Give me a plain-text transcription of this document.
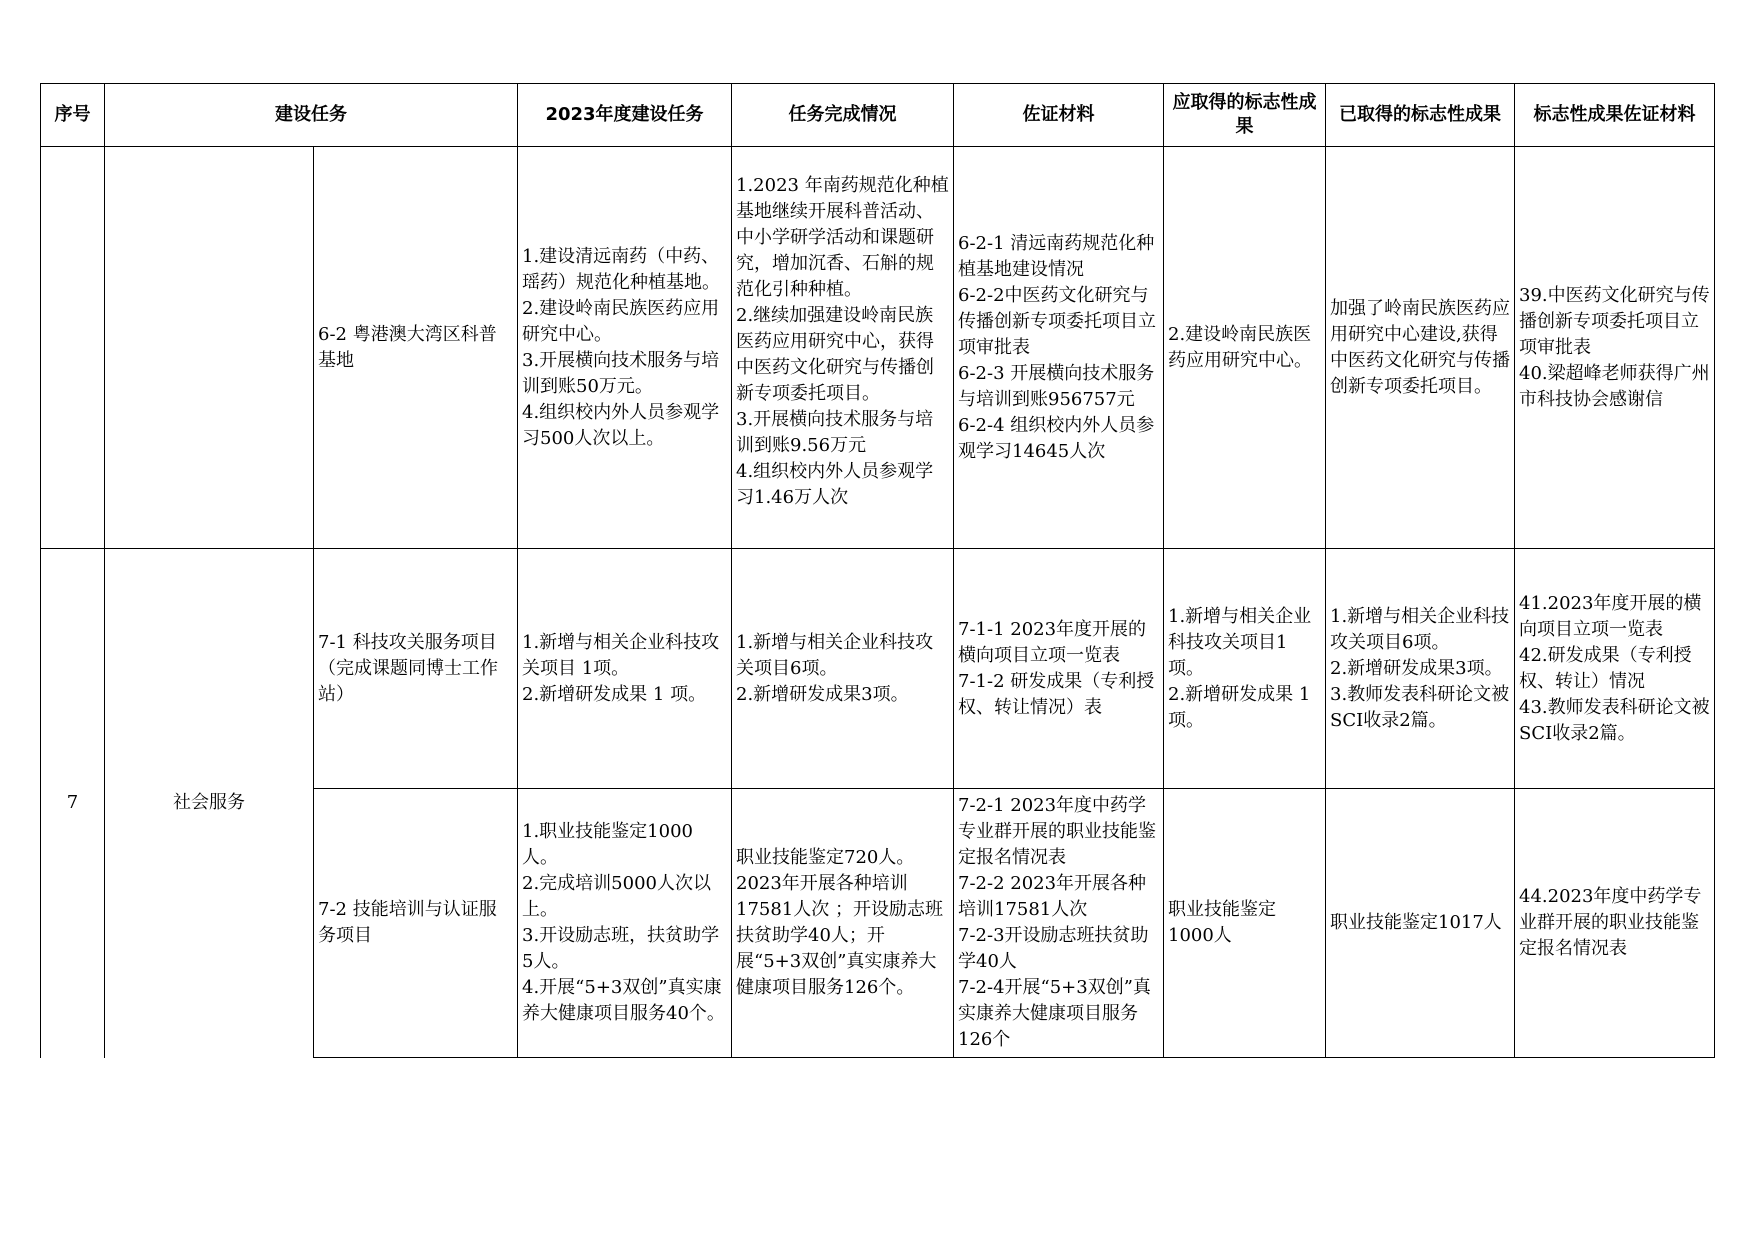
序号	建设任务		2023年度建设任务	任务完成情况	佐证材料	应取得的标志性成果	已取得的标志性成果	标志性成果佐证材料
		6-2 粤港澳大湾区科普基地	1.建设清远南药（中药、瑶药）规范化种植基地。
2.建设岭南民族医药应用研究中心。
3.开展横向技术服务与培训到账50万元。
4.组织校内外人员参观学习500人次以上。	1.2023 年南药规范化种植基地继续开展科普活动、中小学研学活动和课题研究，增加沉香、石斛的规范化引种种植。
2.继续加强建设岭南民族医药应用研究中心，获得中医药文化研究与传播创新专项委托项目。
3.开展横向技术服务与培训到账9.56万元
4.组织校内外人员参观学习1.46万人次	6-2-1 清远南药规范化种植基地建设情况
6-2-2中医药文化研究与传播创新专项委托项目立项审批表
6-2-3 开展横向技术服务与培训到账956757元
6-2-4 组织校内外人员参观学习14645人次	2.建设岭南民族医药应用研究中心。	加强了岭南民族医药应用研究中心建设,获得中医药文化研究与传播创新专项委托项目。	39.中医药文化研究与传播创新专项委托项目立项审批表
40.梁超峰老师获得广州市科技协会感谢信
7	社会服务	7-1 科技攻关服务项目（完成课题同博士工作站）	1.新增与相关企业科技攻关项目 1项。
2.新增研发成果 1 项。	1.新增与相关企业科技攻关项目6项。
2.新增研发成果3项。	7-1-1 2023年度开展的横向项目立项一览表
7-1-2 研发成果（专利授权、转让情况）表	1.新增与相关企业科技攻关项目1项。
2.新增研发成果 1 项。	1.新增与相关企业科技攻关项目6项。
2.新增研发成果3项。
3.教师发表科研论文被SCI收录2篇。	41.2023年度开展的横向项目立项一览表
42.研发成果（专利授权、转让）情况
43.教师发表科研论文被SCI收录2篇。
		7-2 技能培训与认证服务项目	1.职业技能鉴定1000人。
2.完成培训5000人次以上。
3.开设励志班，扶贫助学5人。
4.开展“5+3双创”真实康养大健康项目服务40个。	职业技能鉴定720人。2023年开展各种培训17581人次 ；开设励志班扶贫助学40人；开展“5+3双创”真实康养大健康项目服务126个。	7-2-1 2023年度中药学专业群开展的职业技能鉴定报名情况表
7-2-2 2023年开展各种培训17581人次
7-2-3开设励志班扶贫助学40人
7-2-4开展“5+3双创”真实康养大健康项目服务126个	职业技能鉴定1000人	职业技能鉴定1017人	44.2023年度中药学专业群开展的职业技能鉴定报名情况表
